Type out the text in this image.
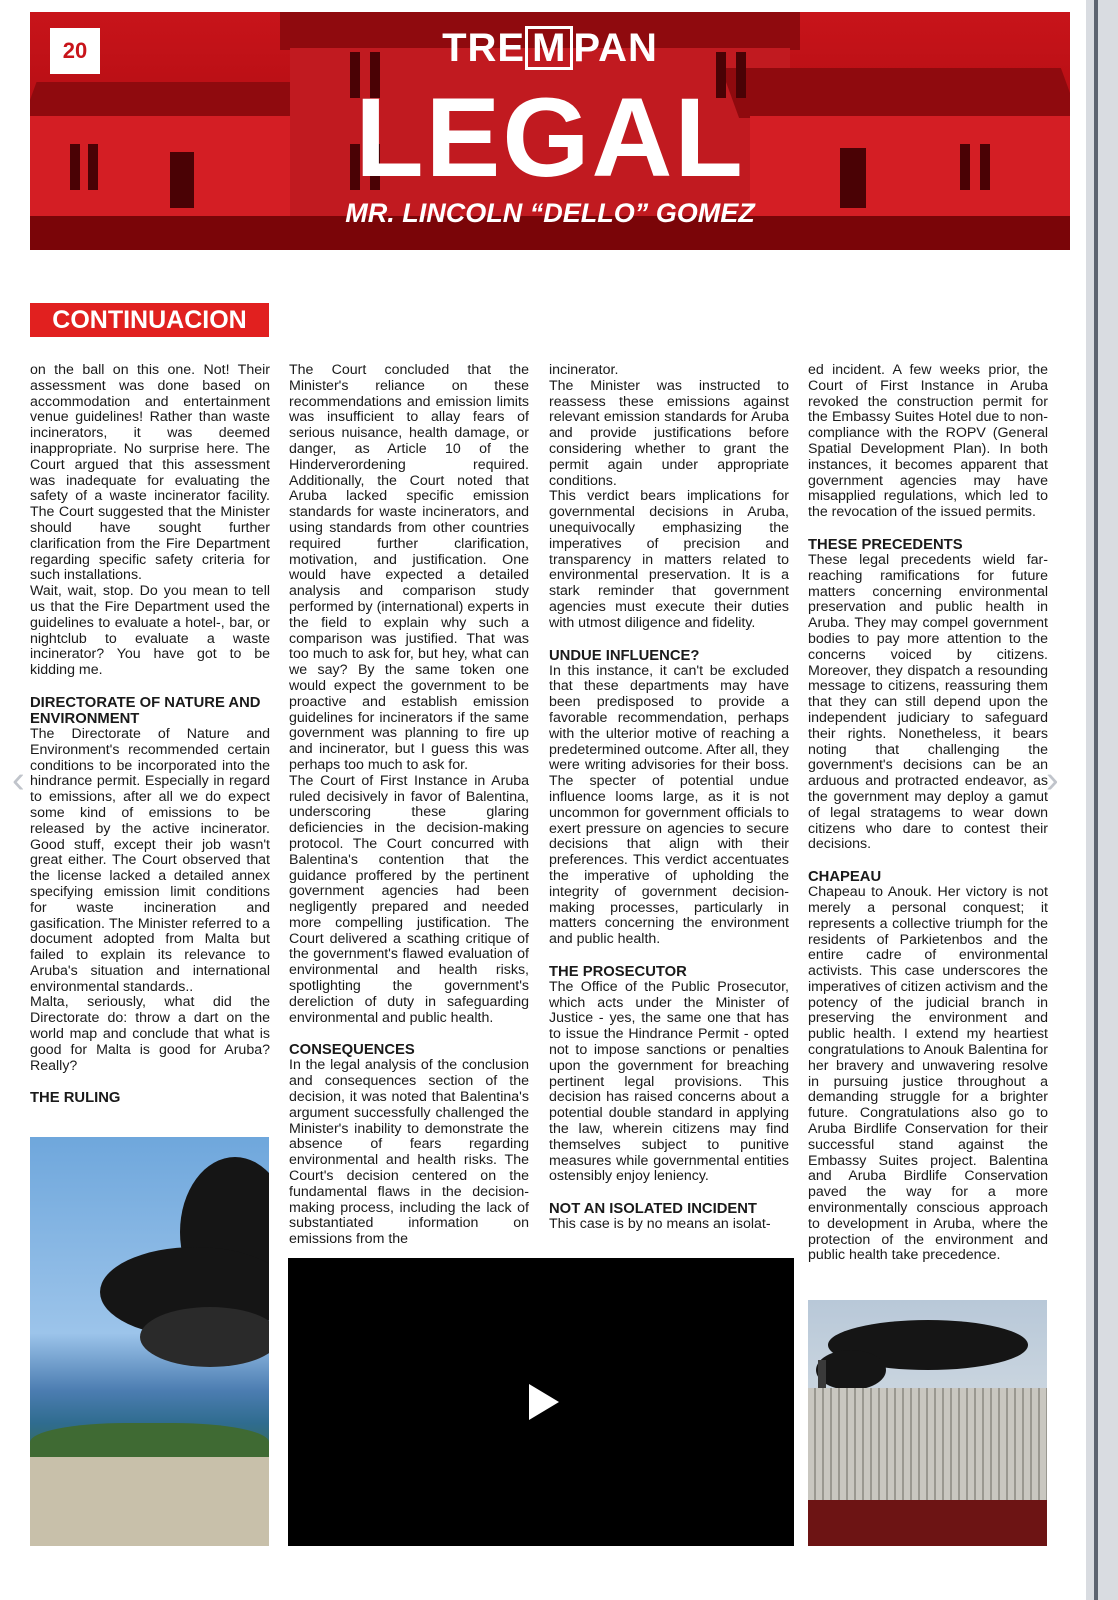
‹	›
20	TRE M PAN
LEGAL
MR. LINCOLN “DELLO” GOMEZ
CONTINUACION

on the ball on this one. Not! Their assessment was done based on accommodation and entertainment venue guidelines! Rather than waste incinerators, it was deemed inappropriate. No surprise here. The Court argued that this assessment was inadequate for evaluating the safety of a waste incinerator facility. The Court suggested that the Minister should have sought further clarification from the Fire Department regarding specific safety criteria for such installations.

Wait, wait, stop. Do you mean to tell us that the Fire Department used the guidelines to evaluate a hotel-, bar, or nightclub to evaluate a waste incinerator? You have got to be kidding me.

DIRECTORATE OF NATURE AND ENVIRONMENT

The Directorate of Nature and Environment's recommended certain conditions to be incorporated into the hindrance permit. Especially in regard to emissions, after all we do expect some kind of emissions to be released by the active incinerator. Good stuff, except their job wasn't great either. The Court observed that the license lacked a detailed annex specifying emission limit conditions for waste incineration and gasification. The Minister referred to a document adopted from Malta but failed to explain its relevance to Aruba's situation and international environmental standards..

Malta, seriously, what did the Directorate do: throw a dart on the world map and conclude that what is good for Malta is good for Aruba? Really?

THE RULING

The Court concluded that the Minister's reliance on these recommendations and emission limits was insufficient to allay fears of serious nuisance, health damage, or danger, as Article 10 of the Hinderverordening required. Additionally, the Court noted that Aruba lacked specific emission standards for waste incinerators, and using standards from other countries required further clarification, motivation, and justification. One would have expected a detailed analysis and comparison study performed by (international) experts in the field to explain why such a comparison was justified. That was too much to ask for, but hey, what can we say? By the same token one would expect the government to be proactive and establish emission guidelines for incinerators if the same government was planning to fire up and incinerator, but I guess this was perhaps too much to ask for.

The Court of First Instance in Aruba ruled decisively in favor of Balentina, underscoring these glaring deficiencies in the decision-making protocol. The Court concurred with Balentina's contention that the guidance proffered by the pertinent government agencies had been negligently prepared and needed more compelling justification. The Court delivered a scathing critique of the government's flawed evaluation of environmental and health risks, spotlighting the government's dereliction of duty in safeguarding environmental and public health.

CONSEQUENCES

In the legal analysis of the conclusion and consequences section of the decision, it was noted that Balentina's argument successfully challenged the Minister's inability to demonstrate the absence of fears regarding environmental and health risks. The Court's decision centered on the fundamental flaws in the decision-making process, including the lack of substantiated information on emissions from the

incinerator.

The Minister was instructed to reassess these emissions against relevant emission standards for Aruba and provide justifications before considering whether to grant the permit again under appropriate conditions.

This verdict bears implications for governmental decisions in Aruba, unequivocally emphasizing the imperatives of precision and transparency in matters related to environmental preservation. It is a stark reminder that government agencies must execute their duties with utmost diligence and fidelity.

UNDUE INFLUENCE?

In this instance, it can't be excluded that these departments may have been predisposed to provide a favorable recommendation, perhaps with the ulterior motive of reaching a predetermined outcome. After all, they were writing advisories for their boss. The specter of potential undue influence looms large, as it is not uncommon for government officials to exert pressure on agencies to secure decisions that align with their preferences. This verdict accentuates the imperative of upholding the integrity of government decision-making processes, particularly in matters concerning the environment and public health.

THE PROSECUTOR

The Office of the Public Prosecutor, which acts under the Minister of Justice - yes, the same one that has to issue the Hindrance Permit - opted not to impose sanctions or penalties upon the government for breaching pertinent legal provisions. This decision has raised concerns about a potential double standard in applying the law, wherein citizens may find themselves subject to punitive measures while governmental entities ostensibly enjoy leniency.

NOT AN ISOLATED INCIDENT

This case is by no means an isolat-

ed incident. A few weeks prior, the Court of First Instance in Aruba revoked the construction permit for the Embassy Suites Hotel due to non-compliance with the ROPV (General Spatial Development Plan). In both instances, it becomes apparent that government agencies may have misapplied regulations, which led to the revocation of the issued permits.

THESE PRECEDENTS

These legal precedents wield far-reaching ramifications for future matters concerning environmental preservation and public health in Aruba. They may compel government bodies to pay more attention to the concerns voiced by citizens. Moreover, they dispatch a resounding message to citizens, reassuring them that they can still depend upon the independent judiciary to safeguard their rights. Nonetheless, it bears noting that challenging the government's decisions can be an arduous and protracted endeavor, as the government may deploy a gamut of legal stratagems to wear down citizens who dare to contest their decisions.

CHAPEAU

Chapeau to Anouk. Her victory is not merely a personal conquest; it represents a collective triumph for the residents of Parkietenbos and the entire cadre of environmental activists. This case underscores the imperatives of citizen activism and the potency of the judicial branch in preserving the environment and public health. I extend my heartiest congratulations to Anouk Balentina for her bravery and unwavering resolve in pursuing justice throughout a demanding struggle for a brighter future. Congratulations also go to Aruba Birdlife Conservation for their successful stand against the Embassy Suites project. Balentina and Aruba Birdlife Conservation paved the way for a more environmentally conscious approach to development in Aruba, where the protection of the environment and public health take precedence.
